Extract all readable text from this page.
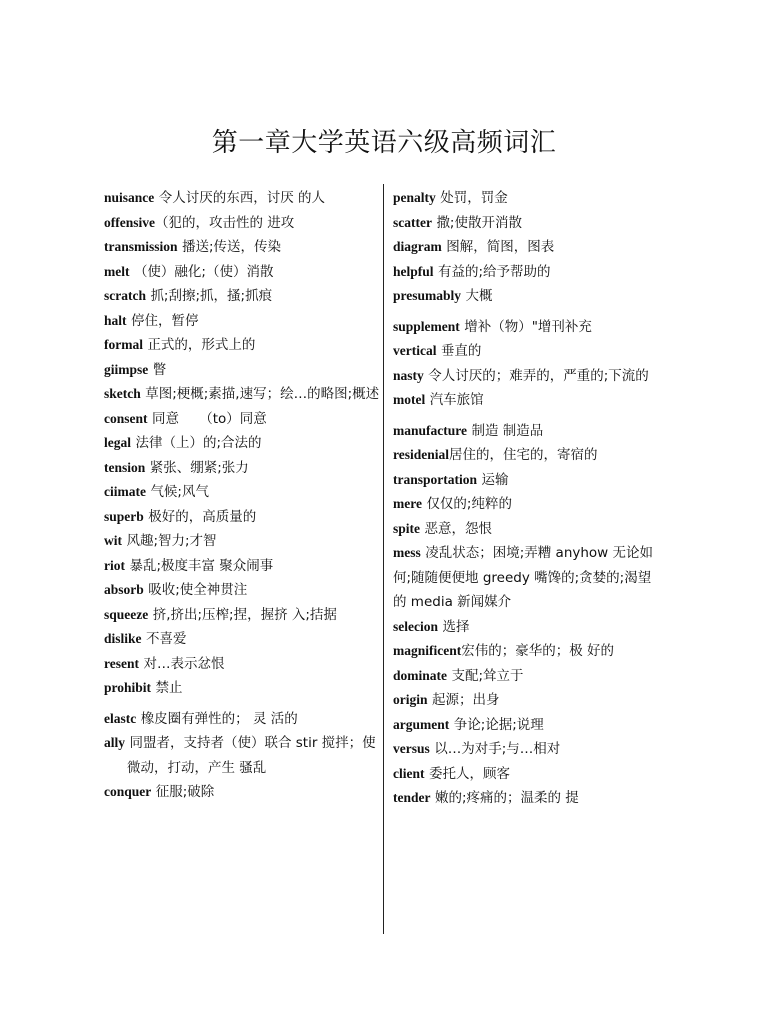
第一章大学英语六级高频词汇

nuisance 令人讨厌的东西，讨厌 的人

offensive（犯的，攻击性的 进攻

transmission 播送;传送，传染

melt （使）融化;（使）消散

scratch 抓;刮擦;抓，搔;抓痕

halt 停住，暂停

formal 正式的，形式上的

giimpse 瞥

sketch 草图;梗概;素描,速写；绘…的略图;概述

consent 同意　　（to）同意

legal 法律（上）的;合法的

tension 紧张、绷紧;张力

ciimate 气候;风气

superb 极好的，高质量的

wit 风趣;智力;才智

riot 暴乱;极度丰富 聚众闹事

absorb 吸收;使全神贯注

squeeze 挤,挤出;压榨;捏，握挤 入;拮据

dislike 不喜爱

resent 对…表示忿恨

prohibit 禁止

elastc 橡皮圈有弹性的； 灵 活的

ally 同盟者，支持者（使）联合 stir 搅拌；使微动，打动，产生 骚乱

conquer 征服;破除

penalty 处罚，罚金

scatter 撒;使散开消散

diagram 图解，简图，图表

helpful 有益的;给予帮助的

presumably 大概

supplement 增补（物）"增刊补充

vertical 垂直的

nasty 令人讨厌的；难弄的，严重的;下流的

motel 汽车旅馆

manufacture 制造 制造品

residenial居住的，住宅的，寄宿的

transportation 运输

mere 仅仅的;纯粹的

spite 恶意，怨恨

mess 凌乱状态；困境;弄糟 anyhow 无论如何;随随便便地 greedy 嘴馋的;贪婪的;渴望的 media 新闻媒介

selecion 选择

magnificent宏伟的；豪华的；极 好的

dominate 支配;耸立于

origin 起源；出身

argument 争论;论据;说理

versus 以…为对手;与…相对

client 委托人，顾客

tender 嫩的;疼痛的；温柔的 提
